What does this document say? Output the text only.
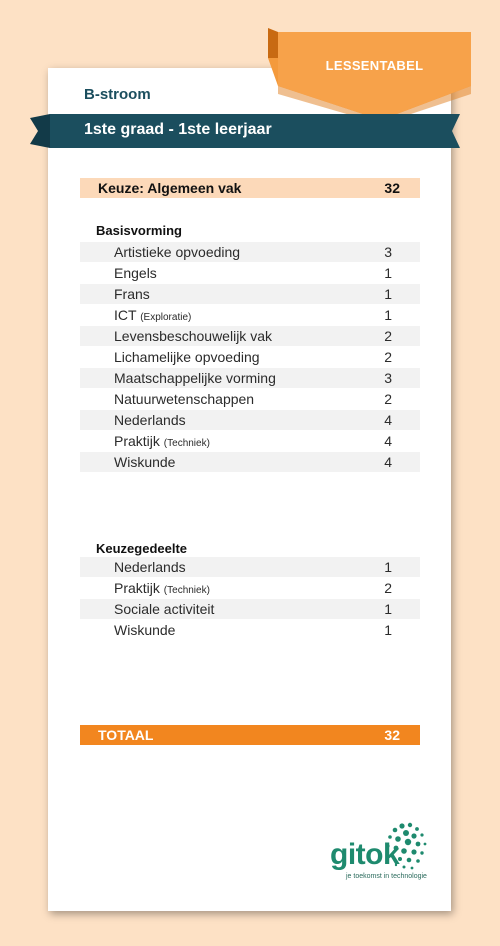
LESSENTABEL
B-stroom
1ste graad - 1ste leerjaar
Keuze: Algemeen vak	32
Basisvorming
Artistieke opvoeding	3
Engels	1
Frans	1
ICT (Exploratie)	1
Levensbeschouwelijk vak	2
Lichamelijke opvoeding	2
Maatschappelijke vorming	3
Natuurwetenschappen	2
Nederlands	4
Praktijk (Techniek)	4
Wiskunde	4
Keuzegedeelte
Nederlands	1
Praktijk (Techniek)	2
Sociale activiteit	1
Wiskunde	1
TOTAAL	32
gitok
je toekomst in technologie
